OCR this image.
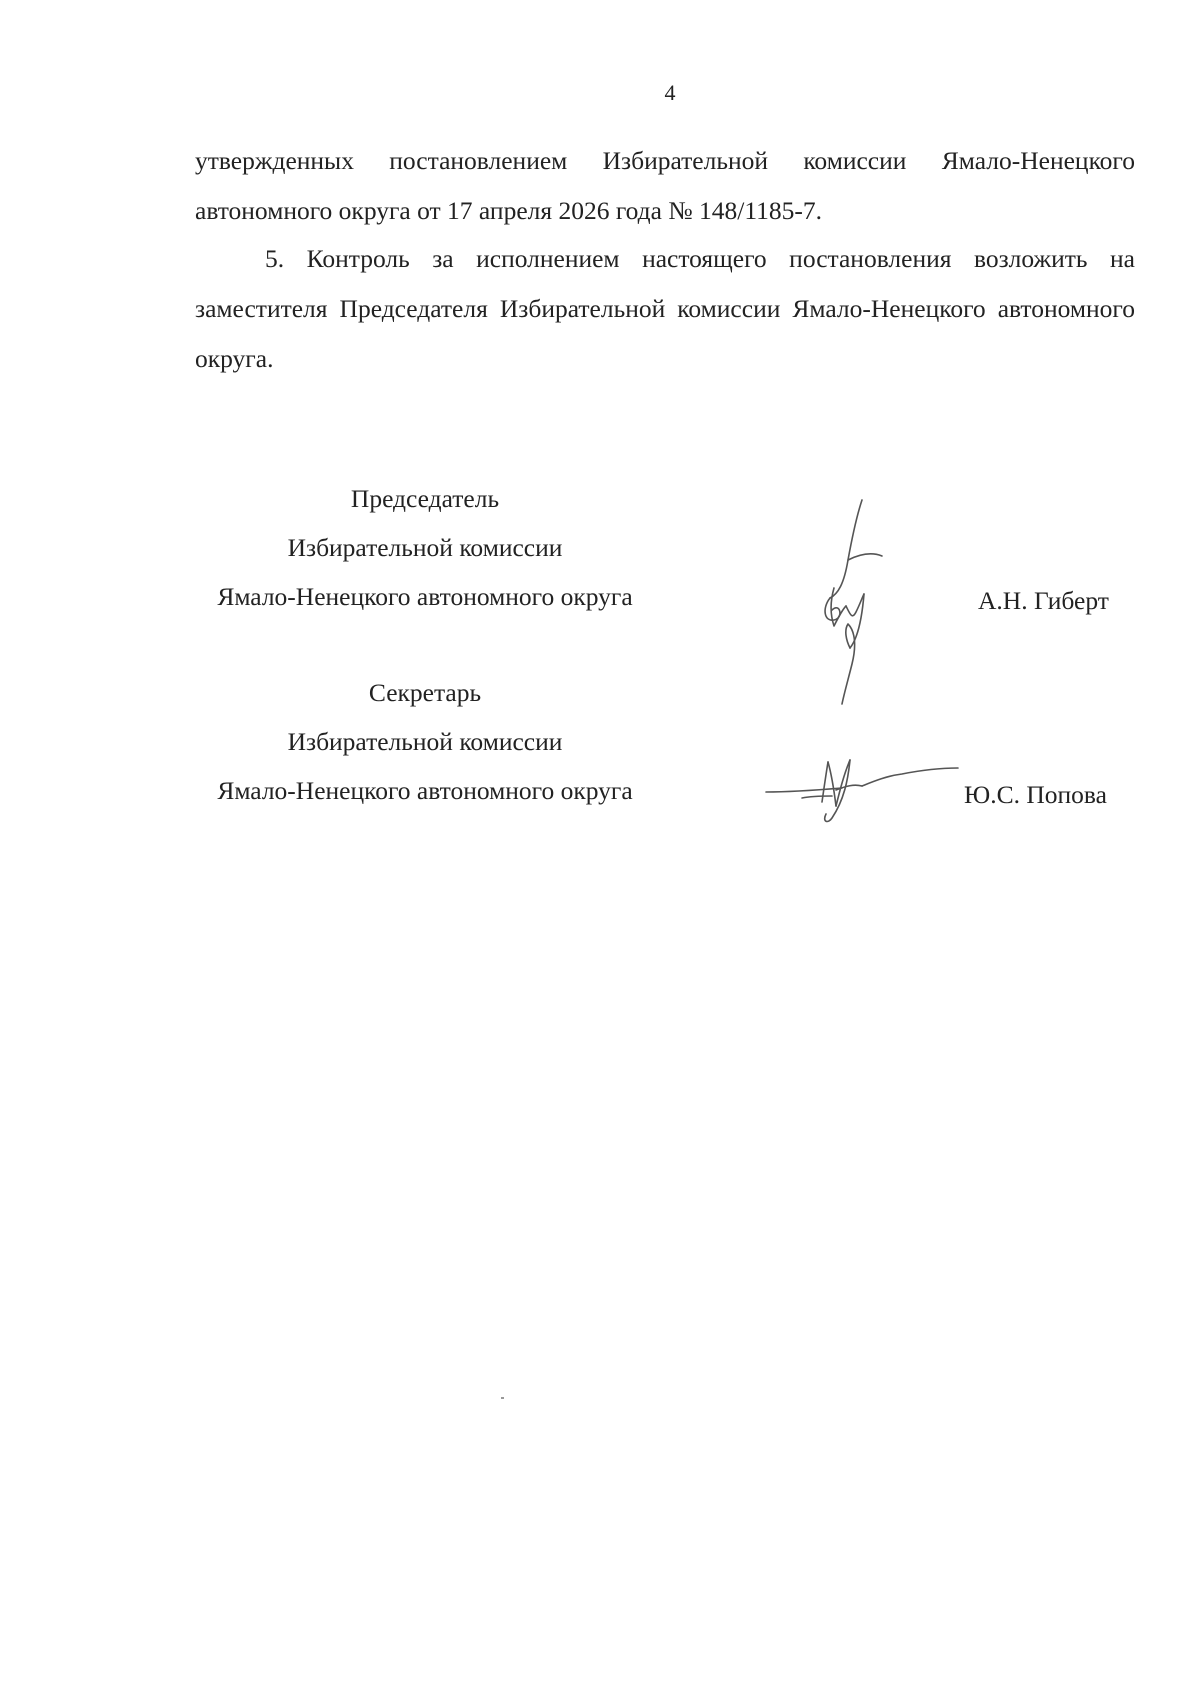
4

утвержденных постановлением Избирательной комиссии Ямало-Ненецкого автономного округа от 17 апреля 2026 года № 148/1185-7.

5. Контроль за исполнением настоящего постановления возложить на заместителя Председателя Избирательной комиссии Ямало-Ненецкого автономного округа.

Председатель
Избирательной комиссии
Ямало-Ненецкого автономного округа	А.Н. Гиберт
Секретарь
Избирательной комиссии
Ямало-Ненецкого автономного округа	Ю.С. Попова
